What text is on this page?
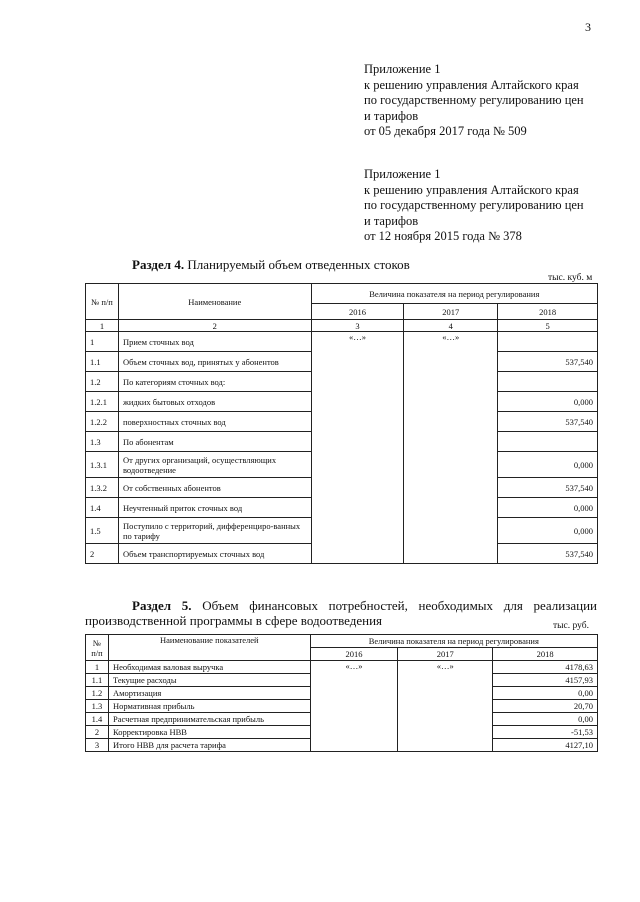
3
Приложение 1
к решению управления Алтайского края
по государственному регулированию цен
и тарифов
от 05 декабря 2017 года № 509
Приложение 1
к решению управления Алтайского края
по государственному регулированию цен
и тарифов
от 12 ноября 2015 года № 378
Раздел 4. Планируемый объем отведенных стоков
тыс. куб. м
№ п/п	Наименование	Величина показателя на период регулирования		
		2016	2017	2018
1	2	3	4	5
1	Прием сточных вод	«…»	«…»	
1.1	Объем сточных вод, принятых у абонентов			537,540
1.2	По категориям сточных вод:			
1.2.1	жидких бытовых отходов			0,000
1.2.2	поверхностных сточных вод			537,540
1.3	По абонентам			
1.3.1	От других организаций, осуществляющих водоотведение			0,000
1.3.2	От собственных абонентов			537,540
1.4	Неучтенный приток сточных вод			0,000
1.5	Поступило с территорий, дифференциро-ванных по тарифу			0,000
2	Объем транспортируемых сточных вод			537,540
Раздел 5. Объем финансовых потребностей, необходимых для реализации производственной программы в сфере водоотведения	тыс. руб.
№ п/п	Наименование показателей	Величина показателя на период регулирования		
		2016	2017	2018
1	Необходимая валовая выручка	«…»	«…»	4178,63
1.1	Текущие расходы			4157,93
1.2	Амортизация			0,00
1.3	Нормативная прибыль			20,70
1.4	Расчетная предпринимательская прибыль			0,00
2	Корректировка НВВ			-51,53
3	Итого НВВ для расчета тарифа			4127,10
